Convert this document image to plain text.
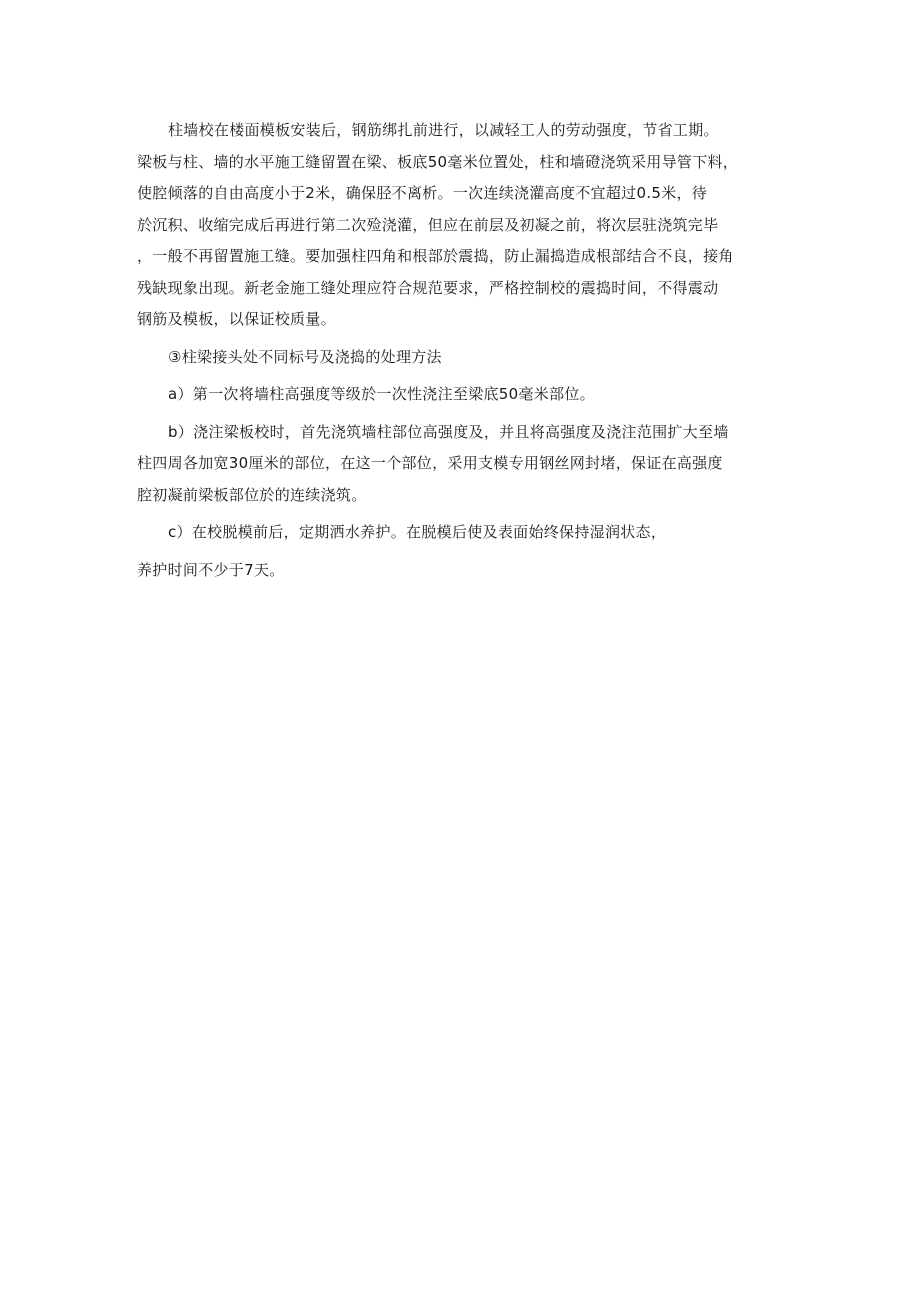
柱墙校在楼面模板安装后，钢筋绑扎前进行，以减轻工人的劳动强度，节省工期。
梁板与柱、墙的水平施工缝留置在梁、板底50毫米位置处，柱和墙磴浇筑采用导管下料，
使腔倾落的自由高度小于2米，确保胫不离析。一次连续浇灌高度不宜超过0.5米，待
於沉积、收缩完成后再进行第二次殓浇灌，但应在前层及初凝之前，将次层驻浇筑完毕
，一般不再留置施工缝。要加强柱四角和根部於震捣，防止漏捣造成根部结合不良，接角
残缺现象出现。新老金施工缝处理应符合规范要求，严格控制校的震捣时间，不得震动
钢筋及模板，以保证校质量。

③柱梁接头处不同标号及浇捣的处理方法

a）第一次将墙柱高强度等级於一次性浇注至梁底50毫米部位。

b）浇注梁板校时，首先浇筑墙柱部位高强度及，并且将高强度及浇注范围扩大至墙
柱四周各加宽30厘米的部位，在这一个部位，采用支模专用钢丝网封堵，保证在高强度
腔初凝前梁板部位於的连续浇筑。

c）在校脱模前后，定期洒水养护。在脱模后使及表面始终保持湿润状态，

养护时间不少于7天。
